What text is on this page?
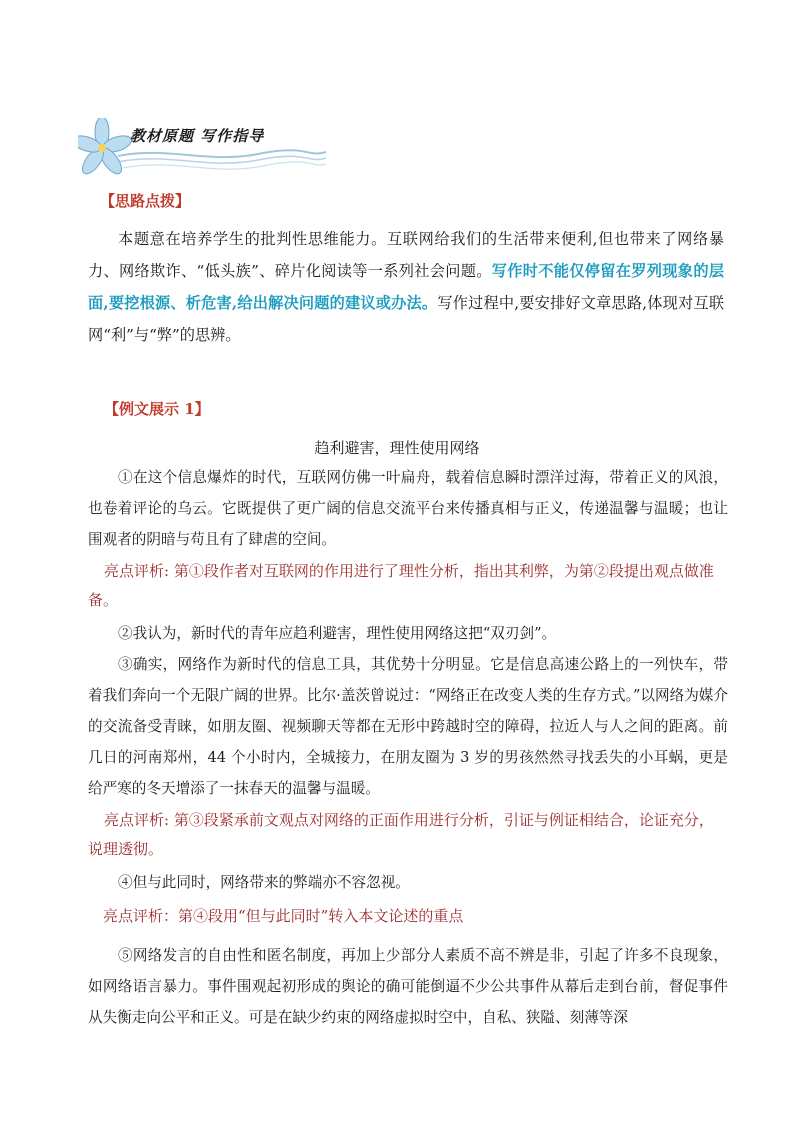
教材原题 写作指导
【思路点拨】
本题意在培养学生的批判性思维能力。互联网给我们的生活带来便利,但也带来了网络暴力、网络欺诈、“低头族”、碎片化阅读等一系列社会问题。写作时不能仅停留在罗列现象的层面,要挖根源、析危害,给出解决问题的建议或办法。写作过程中,要安排好文章思路,体现对互联网“利”与“弊”的思辨。
【例文展示 1】
趋利避害，理性使用网络
①在这个信息爆炸的时代，互联网仿佛一叶扁舟，载着信息瞬时漂洋过海，带着正义的风浪，也卷着评论的乌云。它既提供了更广阔的信息交流平台来传播真相与正义，传递温馨与温暖；也让围观者的阴暗与苟且有了肆虐的空间。
亮点评析: 第①段作者对互联网的作用进行了理性分析，指出其利弊，为第②段提出观点做准备。
②我认为，新时代的青年应趋利避害，理性使用网络这把“双刃剑”。
③确实，网络作为新时代的信息工具，其优势十分明显。它是信息高速公路上的一列快车，带着我们奔向一个无限广阔的世界。比尔·盖茨曾说过：“网络正在改变人类的生存方式。”以网络为媒介的交流备受青睐，如朋友圈、视频聊天等都在无形中跨越时空的障碍，拉近人与人之间的距离。前几日的河南郑州，44 个小时内，全城接力，在朋友圈为 3 岁的男孩然然寻找丢失的小耳蜗，更是给严寒的冬天增添了一抹春天的温馨与温暖。
亮点评析: 第③段紧承前文观点对网络的正面作用进行分析，引证与例证相结合，论证充分，说理透彻。
④但与此同时，网络带来的弊端亦不容忽视。
亮点评析：第④段用“但与此同时”转入本文论述的重点
⑤网络发言的自由性和匿名制度，再加上少部分人素质不高不辨是非，引起了许多不良现象，如网络语言暴力。事件围观起初形成的舆论的确可能倒逼不少公共事件从幕后走到台前，督促事件从失衡走向公平和正义。可是在缺少约束的网络虚拟时空中，自私、狭隘、刻薄等深
